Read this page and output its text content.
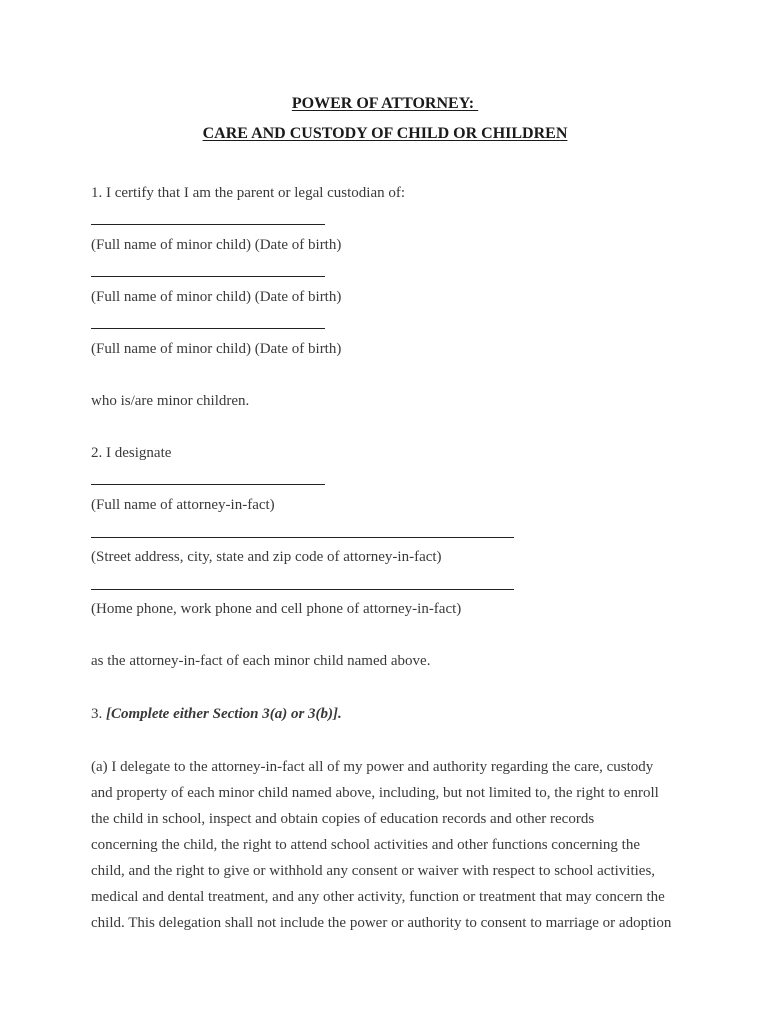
POWER OF ATTORNEY:
CARE AND CUSTODY OF CHILD OR CHILDREN
1. I certify that I am the parent or legal custodian of:
(Full name of minor child) (Date of birth)
(Full name of minor child) (Date of birth)
(Full name of minor child) (Date of birth)
who is/are minor children.
2. I designate
(Full name of attorney-in-fact)
(Street address, city, state and zip code of attorney-in-fact)
(Home phone, work phone and cell phone of attorney-in-fact)
as the attorney-in-fact of each minor child named above.
3. [Complete either Section 3(a) or 3(b)].
(a) I delegate to the attorney-in-fact all of my power and authority regarding the care, custody
and property of each minor child named above, including, but not limited to, the right to enroll
the child in school, inspect and obtain copies of education records and other records
concerning the child, the right to attend school activities and other functions concerning the
child, and the right to give or withhold any consent or waiver with respect to school activities,
medical and dental treatment, and any other activity, function or treatment that may concern the
child. This delegation shall not include the power or authority to consent to marriage or adoption
